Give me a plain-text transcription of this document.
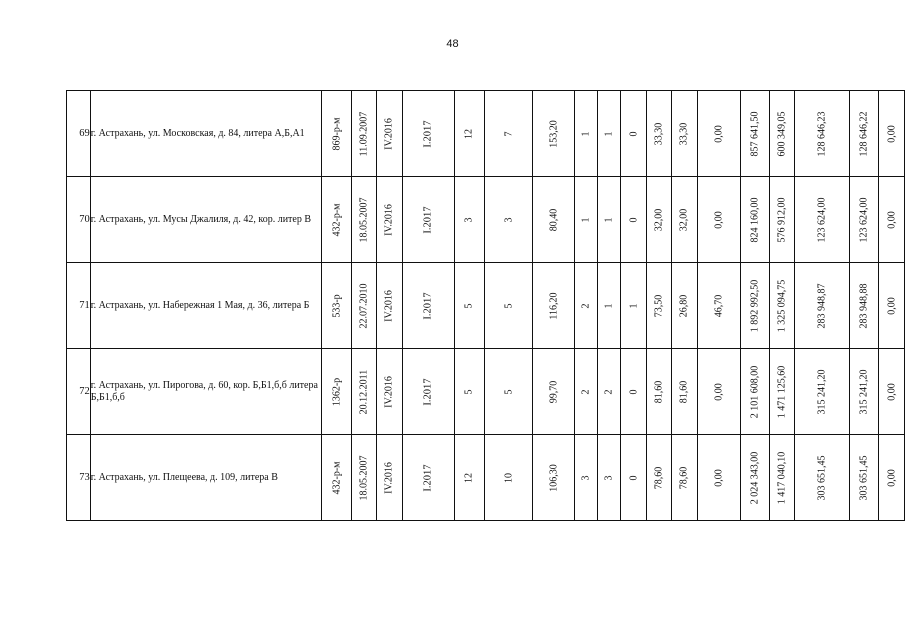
48
69	г. Астрахань, ул. Московская, д. 84, литера А,Б,А1	869-р-м	11.09.2007	IV.2016	I.2017	12	7	153,20	1	1	0	33,30	33,30	0,00	857 641,50	600 349,05	128 646,23	128 646,22	0,00

70	г. Астрахань, ул. Мусы Джалиля, д. 42, кор. литер В	432-р-м	18.05.2007	IV.2016	I.2017	3	3	80,40	1	1	0	32,00	32,00	0,00	824 160,00	576 912,00	123 624,00	123 624,00	0,00

71	г. Астрахань, ул. Набережная 1 Мая, д. 36, литера Б	533-р	22.07.2010	IV.2016	I.2017	5	5	116,20	2	1	1	73,50	26,80	46,70	1 892 992,50	1 325 094,75	283 948,87	283 948,88	0,00

72	г. Астрахань, ул. Пирогова, д. 60, кор. Б,Б1,б,б литера Б,Б1,б,б	1362-р	20.12.2011	IV.2016	I.2017	5	5	99,70	2	2	0	81,60	81,60	0,00	2 101 608,00	1 471 125,60	315 241,20	315 241,20	0,00

73	г. Астрахань, ул. Плещеева, д. 109, литера В	432-р-м	18.05.2007	IV.2016	I.2017	12	10	106,30	3	3	0	78,60	78,60	0,00	2 024 343,00	1 417 040,10	303 651,45	303 651,45	0,00
